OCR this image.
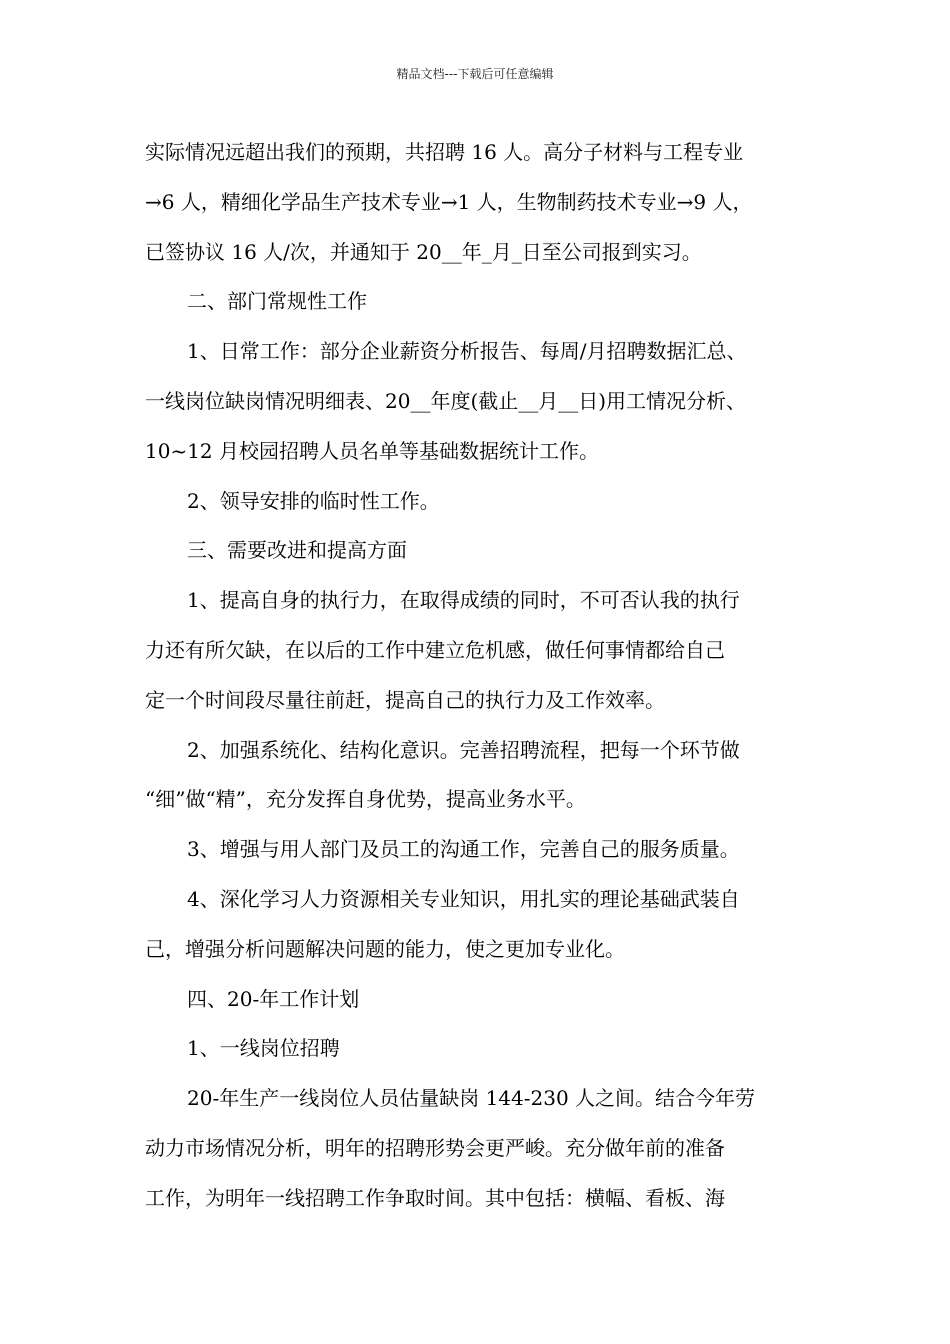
精品文档---下载后可任意编辑
实际情况远超出我们的预期，共招聘 16 人。高分子材料与工程专业
→6 人，精细化学品生产技术专业→1 人，生物制药技术专业→9 人，
已签协议 16 人/次，并通知于 20__年_月_日至公司报到实习。
二、部门常规性工作
1、日常工作：部分企业薪资分析报告、每周/月招聘数据汇总、
一线岗位缺岗情况明细表、20__年度(截止__月__日)用工情况分析、
10~12 月校园招聘人员名单等基础数据统计工作。
2、领导安排的临时性工作。
三、需要改进和提高方面
1、提高自身的执行力，在取得成绩的同时，不可否认我的执行
力还有所欠缺，在以后的工作中建立危机感，做任何事情都给自己
定一个时间段尽量往前赶，提高自己的执行力及工作效率。
2、加强系统化、结构化意识。完善招聘流程，把每一个环节做
“细”做“精”，充分发挥自身优势，提高业务水平。
3、增强与用人部门及员工的沟通工作，完善自己的服务质量。
4、深化学习人力资源相关专业知识，用扎实的理论基础武装自
己，增强分析问题解决问题的能力，使之更加专业化。
四、20-年工作计划
1、一线岗位招聘
20-年生产一线岗位人员估量缺岗 144-230 人之间。结合今年劳
动力市场情况分析，明年的招聘形势会更严峻。充分做年前的准备
工作，为明年一线招聘工作争取时间。其中包括：横幅、看板、海
